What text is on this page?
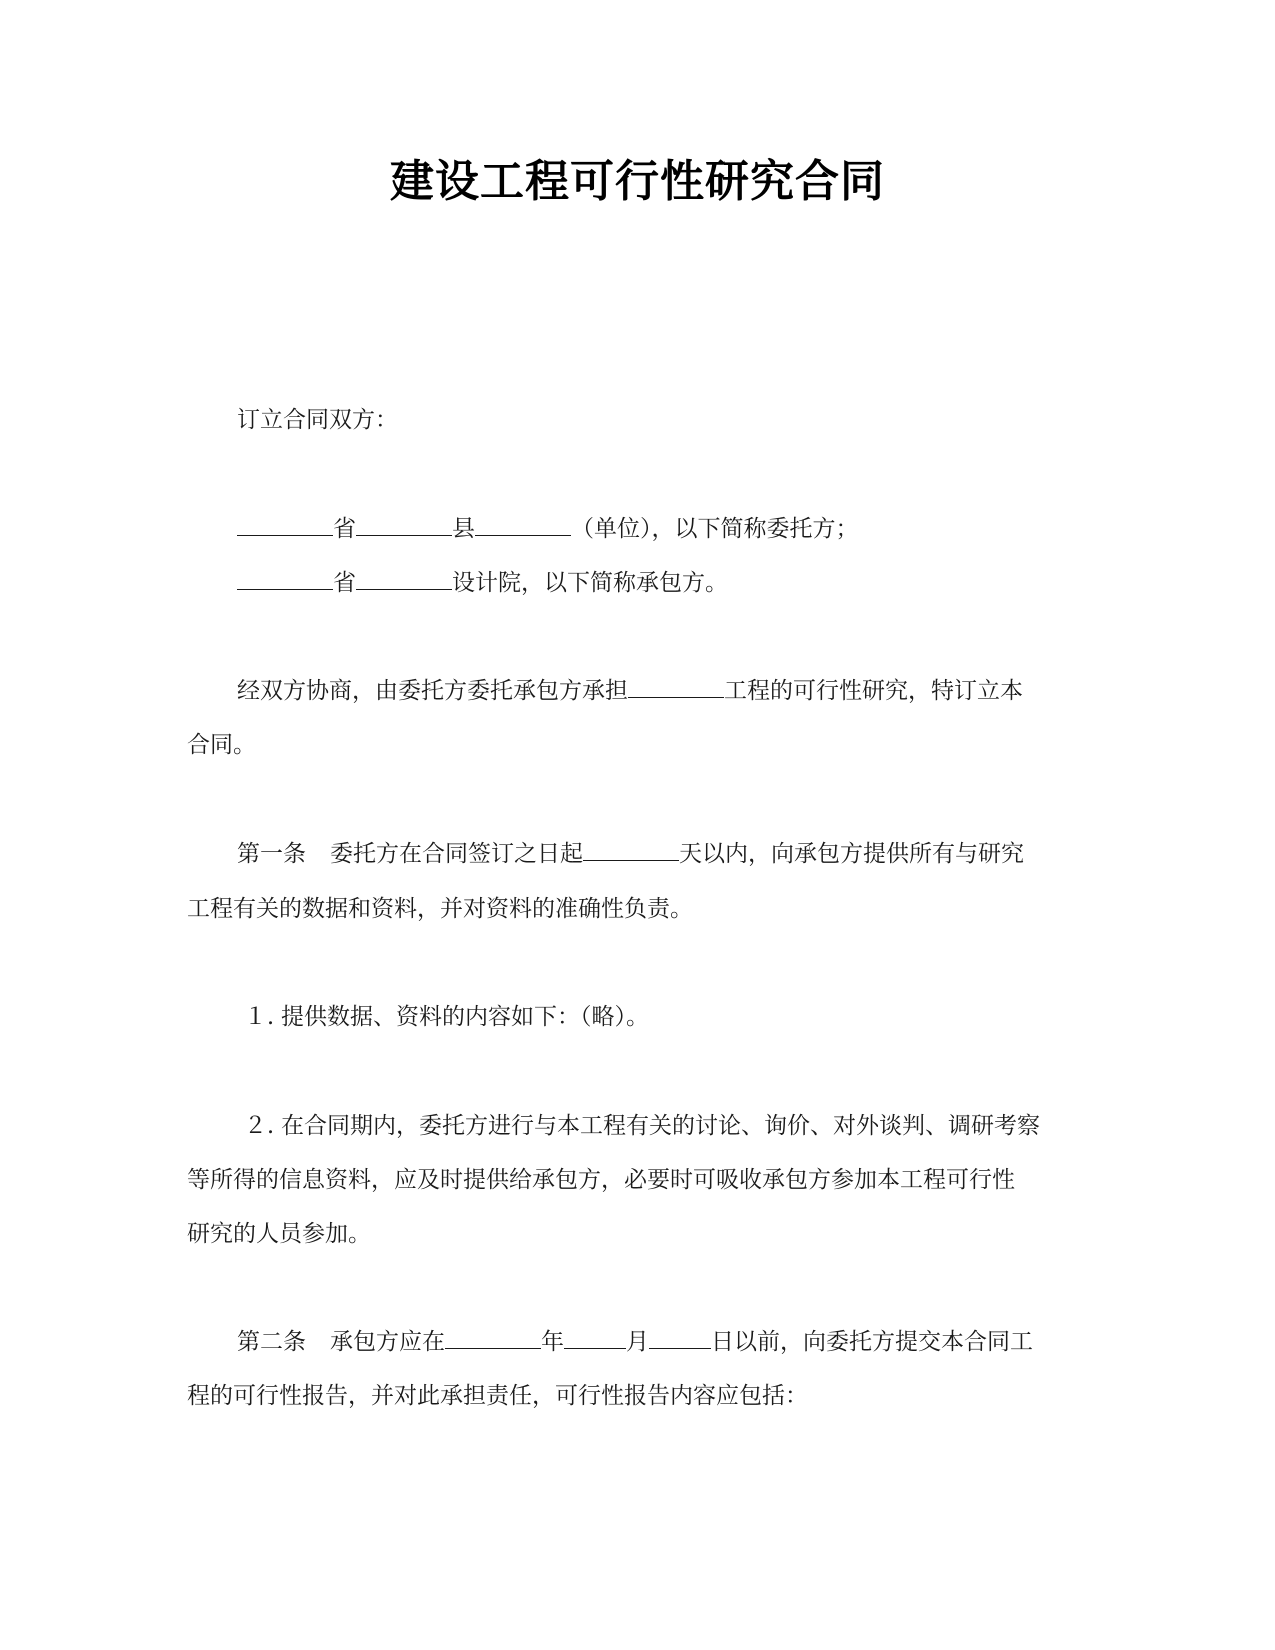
建设工程可行性研究合同
订立合同双方：
省	县	（单位），以下简称委托方；
省	设计院，以下简称承包方。
经双方协商，由委托方委托承包方承担	工程的可行性研究，特订立本
合同。
第一条 委托方在合同签订之日起	天以内，向承包方提供所有与研究
工程有关的数据和资料，并对资料的准确性负责。
１. 提供数据、资料的内容如下：（略）。
２. 在合同期内，委托方进行与本工程有关的讨论、询价、对外谈判、调研考察
等所得的信息资料，应及时提供给承包方，必要时可吸收承包方参加本工程可行性
研究的人员参加。
第二条 承包方应在	年	月	日以前，向委托方提交本合同工
程的可行性报告，并对此承担责任，可行性报告内容应包括：
